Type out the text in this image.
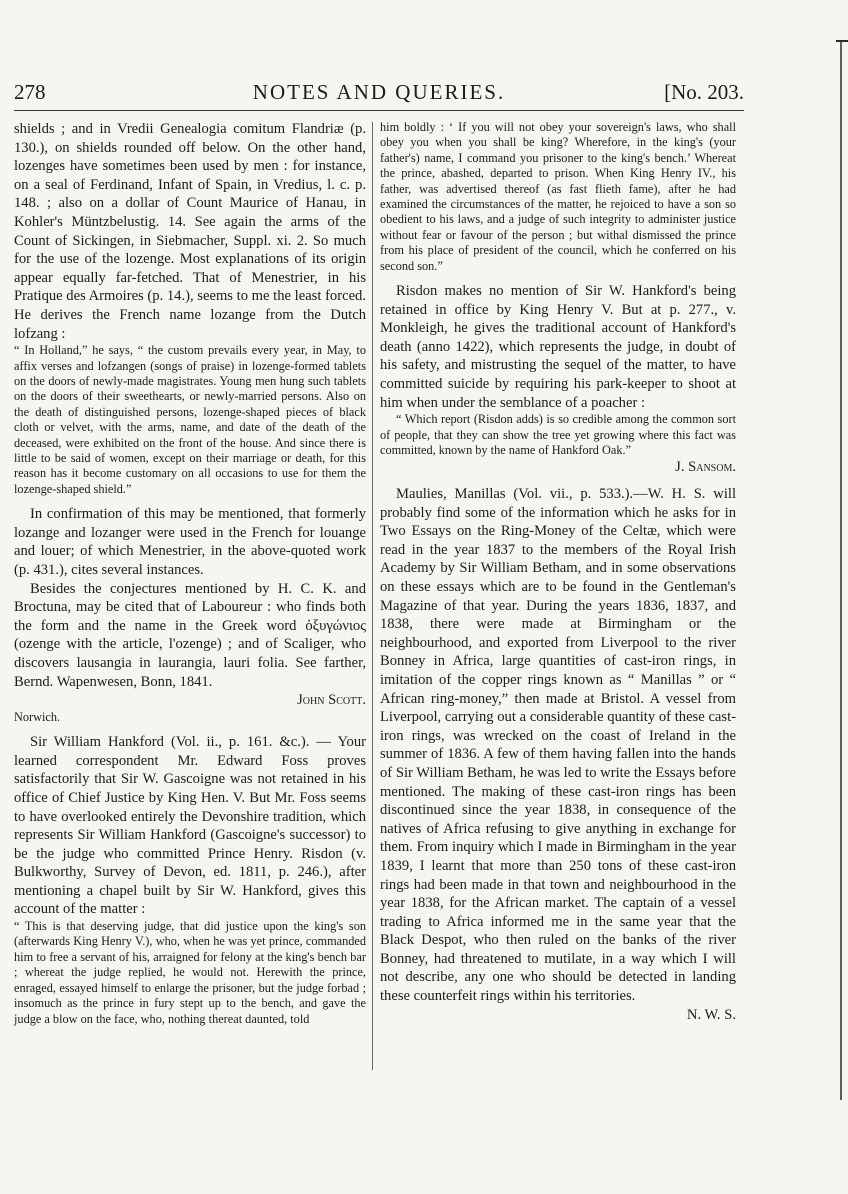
NOTES AND QUERIES.
278	[No. 203.

shields ; and in Vredii Genealogia comitum Flandriæ (p. 130.), on shields rounded off below. On the other hand, lozenges have sometimes been used by men : for instance, on a seal of Ferdinand, Infant of Spain, in Vredius, l. c. p. 148. ; also on a dollar of Count Maurice of Hanau, in Kohler's Müntzbelustig. 14. See again the arms of the Count of Sickingen, in Siebmacher, Suppl. xi. 2. So much for the use of the lozenge. Most explanations of its origin appear equally far-fetched. That of Menestrier, in his Pratique des Armoires (p. 14.), seems to me the least forced. He derives the French name lozange from the Dutch lofzang :

“ In Holland,” he says, “ the custom prevails every year, in May, to affix verses and lofzangen (songs of praise) in lozenge-formed tablets on the doors of newly-made magistrates. Young men hung such tablets on the doors of their sweethearts, or newly-married persons. Also on the death of distinguished persons, lozenge-shaped pieces of black cloth or velvet, with the arms, name, and date of the death of the deceased, were exhibited on the front of the house. And since there is little to be said of women, except on their marriage or death, for this reason has it become customary on all occasions to use for them the lozenge-shaped shield.”

In confirmation of this may be mentioned, that formerly lozange and lozanger were used in the French for louange and louer; of which Menestrier, in the above-quoted work (p. 431.), cites several instances.

Besides the conjectures mentioned by H. C. K. and Broctuna, may be cited that of Laboureur : who finds both the form and the name in the Greek word ὀξυγώνιος (ozenge with the article, l'ozenge) ; and of Scaliger, who discovers lausangia in laurangia, lauri folia. See farther, Bernd. Wapenwesen, Bonn, 1841.

John Scott.

Norwich.

Sir William Hankford (Vol. ii., p. 161. &c.). — Your learned correspondent Mr. Edward Foss proves satisfactorily that Sir W. Gascoigne was not retained in his office of Chief Justice by King Hen. V. But Mr. Foss seems to have overlooked entirely the Devonshire tradition, which represents Sir William Hankford (Gascoigne's successor) to be the judge who committed Prince Henry. Risdon (v. Bulkworthy, Survey of Devon, ed. 1811, p. 246.), after mentioning a chapel built by Sir W. Hankford, gives this account of the matter :

“ This is that deserving judge, that did justice upon the king's son (afterwards King Henry V.), who, when he was yet prince, commanded him to free a servant of his, arraigned for felony at the king's bench bar ; whereat the judge replied, he would not. Herewith the prince, enraged, essayed himself to enlarge the prisoner, but the judge forbad ; insomuch as the prince in fury stept up to the bench, and gave the judge a blow on the face, who, nothing thereat daunted, told

him boldly : ‘ If you will not obey your sovereign's laws, who shall obey you when you shall be king? Wherefore, in the king's (your father's) name, I command you prisoner to the king's bench.’ Whereat the prince, abashed, departed to prison. When King Henry IV., his father, was advertised thereof (as fast flieth fame), after he had examined the circumstances of the matter, he rejoiced to have a son so obedient to his laws, and a judge of such integrity to administer justice without fear or favour of the person ; but withal dismissed the prince from his place of president of the council, which he conferred on his second son.”

Risdon makes no mention of Sir W. Hankford's being retained in office by King Henry V. But at p. 277., v. Monkleigh, he gives the traditional account of Hankford's death (anno 1422), which represents the judge, in doubt of his safety, and mistrusting the sequel of the matter, to have committed suicide by requiring his park-keeper to shoot at him when under the semblance of a poacher :

“ Which report (Risdon adds) is so credible among the common sort of people, that they can show the tree yet growing where this fact was committed, known by the name of Hankford Oak.”

J. Sansom.

Maulies, Manillas (Vol. vii., p. 533.).—W. H. S. will probably find some of the information which he asks for in Two Essays on the Ring-Money of the Celtæ, which were read in the year 1837 to the members of the Royal Irish Academy by Sir William Betham, and in some observations on these essays which are to be found in the Gentleman's Magazine of that year. During the years 1836, 1837, and 1838, there were made at Birmingham or the neighbourhood, and exported from Liverpool to the river Bonney in Africa, large quantities of cast-iron rings, in imitation of the copper rings known as “ Manillas ” or “ African ring-money,” then made at Bristol. A vessel from Liverpool, carrying out a considerable quantity of these cast-iron rings, was wrecked on the coast of Ireland in the summer of 1836. A few of them having fallen into the hands of Sir William Betham, he was led to write the Essays before mentioned. The making of these cast-iron rings has been discontinued since the year 1838, in consequence of the natives of Africa refusing to give anything in exchange for them. From inquiry which I made in Birmingham in the year 1839, I learnt that more than 250 tons of these cast-iron rings had been made in that town and neighbourhood in the year 1838, for the African market. The captain of a vessel trading to Africa informed me in the same year that the Black Despot, who then ruled on the banks of the river Bonney, had threatened to mutilate, in a way which I will not describe, any one who should be detected in landing these counterfeit rings within his territories.

N. W. S.
